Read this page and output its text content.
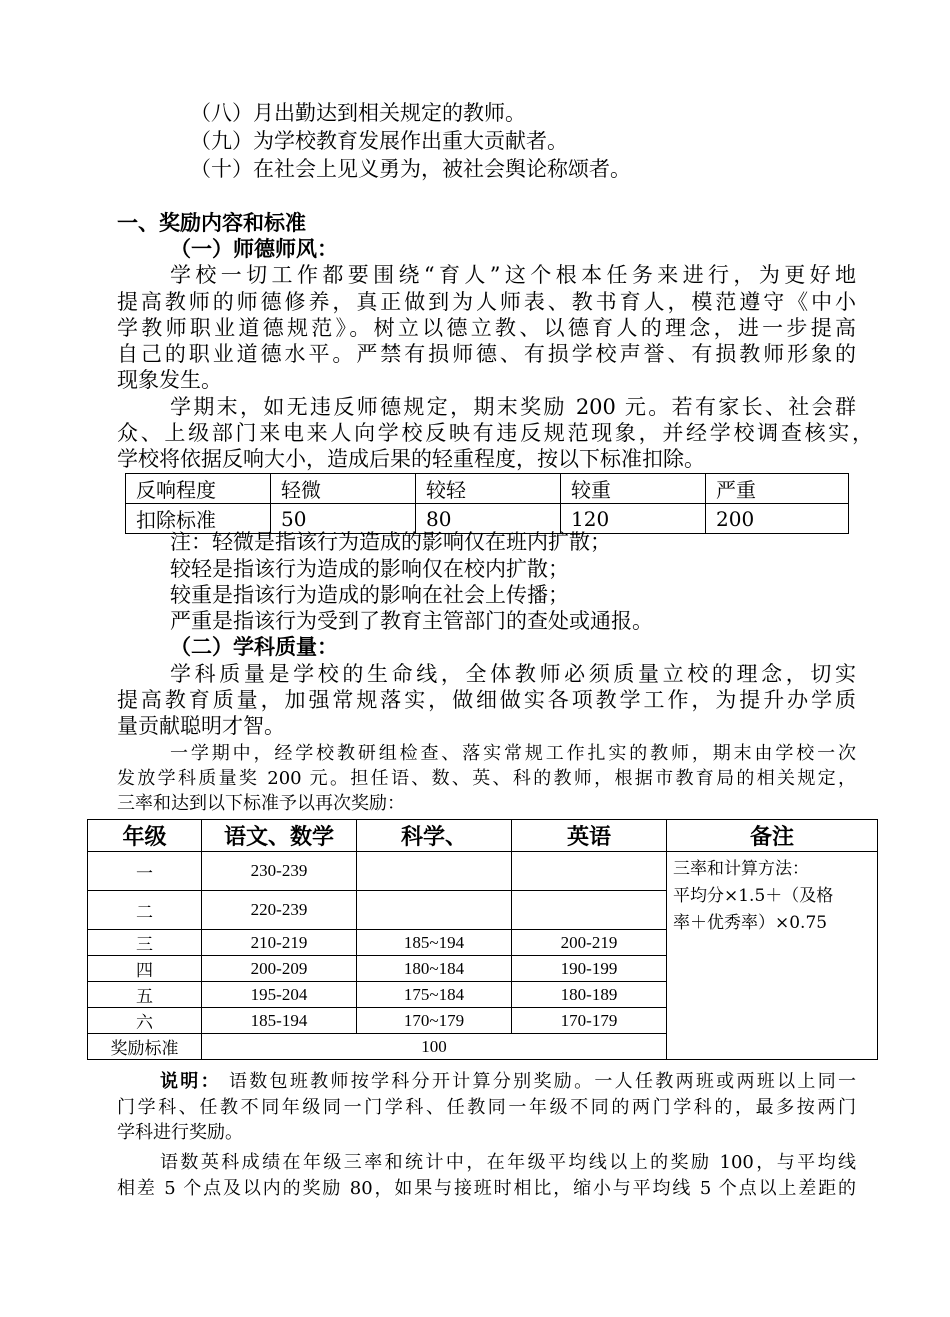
（八）月出勤达到相关规定的教师。
（九）为学校教育发展作出重大贡献者。
（十）在社会上见义勇为，被社会舆论称颂者。
一、奖励内容和标准
（一）师德师风：
学校一切工作都要围绕“育人”这个根本任务来进行，为更好地
提高教师的师德修养，真正做到为人师表、教书育人，模范遵守《中小
学教师职业道德规范》。树立以德立教、以德育人的理念，进一步提高
自己的职业道德水平。严禁有损师德、有损学校声誉、有损教师形象的
现象发生。
学期末，如无违反师德规定，期末奖励 200 元。若有家长、社会群
众、上级部门来电来人向学校反映有违反规范现象，并经学校调查核实，
学校将依据反响大小，造成后果的轻重程度，按以下标准扣除。
反响程度	轻微	较轻	较重	严重
扣除标准	50	80	120	200
注：轻微是指该行为造成的影响仅在班内扩散；
较轻是指该行为造成的影响仅在校内扩散；
较重是指该行为造成的影响在社会上传播；
严重是指该行为受到了教育主管部门的查处或通报。
（二）学科质量：
学科质量是学校的生命线，全体教师必须质量立校的理念，切实
提高教育质量，加强常规落实，做细做实各项教学工作，为提升办学质
量贡献聪明才智。
一学期中，经学校教研组检查、落实常规工作扎实的教师，期末由学校一次
发放学科质量奖 200 元。担任语、数、英、科的教师，根据市教育局的相关规定，
三率和达到以下标准予以再次奖励：
年级	语文、数学	科学、	英语	备注
一	230-239			三率和计算方法：
平均分×1.5＋（及格
率＋优秀率）×0.75

二	220-239			
三	210-219	185~194	200-219	
四	200-209	180~184	190-199	
五	195-204	175~184	180-189	
六	185-194	170~179	170-179	
奖励标准	100			
说明： 语数包班教师按学科分开计算分别奖励。一人任教两班或两班以上同一
门学科、任教不同年级同一门学科、任教同一年级不同的两门学科的，最多按两门
学科进行奖励。
语数英科成绩在年级三率和统计中，在年级平均线以上的奖励 100，与平均线
相差 5 个点及以内的奖励 80，如果与接班时相比，缩小与平均线 5 个点以上差距的
